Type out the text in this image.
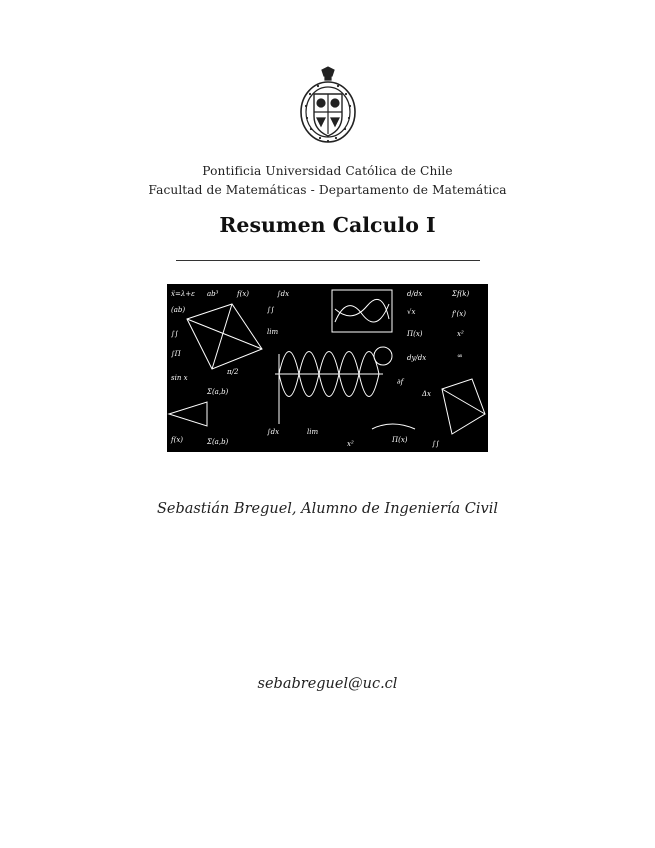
Pontificia Universidad Católica de Chile
Facultad de Matemáticas - Departamento de Matemática
Resumen Calculo I
ẍ=λ+ε ab³	f(x)	∫dx	d/dx	Σf(k)
(ab)	∫∫	√x	f'(x)
∫∫	lim	Π(x)	x²
∫Π
π/2
dy/dx	∞
sin x
Σ(a,b)
∂f
Δx
∫dx	lim
f(x)	Σ(a,b)	x²	Π(x)	∫∫
Sebastián Breguel, Alumno de Ingeniería Civil
sebabreguel@uc.cl
